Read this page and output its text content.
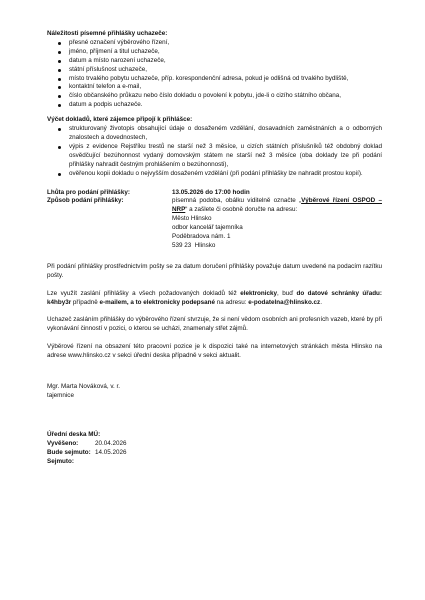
Náležitosti písemné přihlášky uchazeče:
přesné označení výběrového řízení,
jméno, příjmení a titul uchazeče,
datum a místo narození uchazeče,
státní příslušnost uchazeče,
místo trvalého pobytu uchazeče, příp. korespondenční adresa, pokud je odlišná od trvalého bydliště,
kontaktní telefon a e-mail,
číslo občanského průkazu nebo číslo dokladu o povolení k pobytu, jde-li o cizího státního občana,
datum a podpis uchazeče.
Výčet dokladů, které zájemce připojí k přihlášce:
strukturovaný životopis obsahující údaje o dosaženém vzdělání, dosavadních zaměstnáních a o odborných znalostech a dovednostech,
výpis z evidence Rejstříku trestů ne starší než 3 měsíce, u cizích státních příslušníků též obdobný doklad osvědčující bezúhonnost vydaný domovským státem ne starší než 3 měsíce (oba doklady lze při podání přihlášky nahradit čestným prohlášením o bezúhonnosti),
ověřenou kopii dokladu o nejvyšším dosaženém vzdělání (při podání přihlášky lze nahradit prostou kopií).
Lhůta pro podání přihlášky:	13.05.2026 do 17:00 hodin
Způsob podání přihlášky:	písemná podoba, obálku viditelně označte „Výběrové řízení OSPOD – NRP“ a zašlete či osobně doručte na adresu:
Město Hlinsko
odbor kancelář tajemníka
Poděbradova nám. 1
539 23  Hlinsko
Při podání přihlášky prostřednictvím pošty se za datum doručení přihlášky považuje datum uvedené na podacím razítku pošty.
Lze využít zaslání přihlášky a všech požadovaných dokladů též elektronicky, buď do datové schránky úřadu: k4hby3r případně e-mailem, a to elektronicky podepsané na adresu: e-podatelna@hlinsko.cz.
Uchazeč zasláním přihlášky do výběrového řízení stvrzuje, že si není vědom osobních ani profesních vazeb, které by při vykonávání činností v pozici, o kterou se ucházi, znamenaly střet zájmů.
Výběrové řízení na obsazení této pracovní pozice je k dispozici také na internetových stránkách města Hlinsko na adrese www.hlinsko.cz v sekci úřední deska případně v sekci aktualit.
Mgr. Marta Nováková, v. r.
tajemnice
Úřední deska MÚ:
Vyvěšeno:	20.04.2026
Bude sejmuto: 14.05.2026
Sejmuto:
